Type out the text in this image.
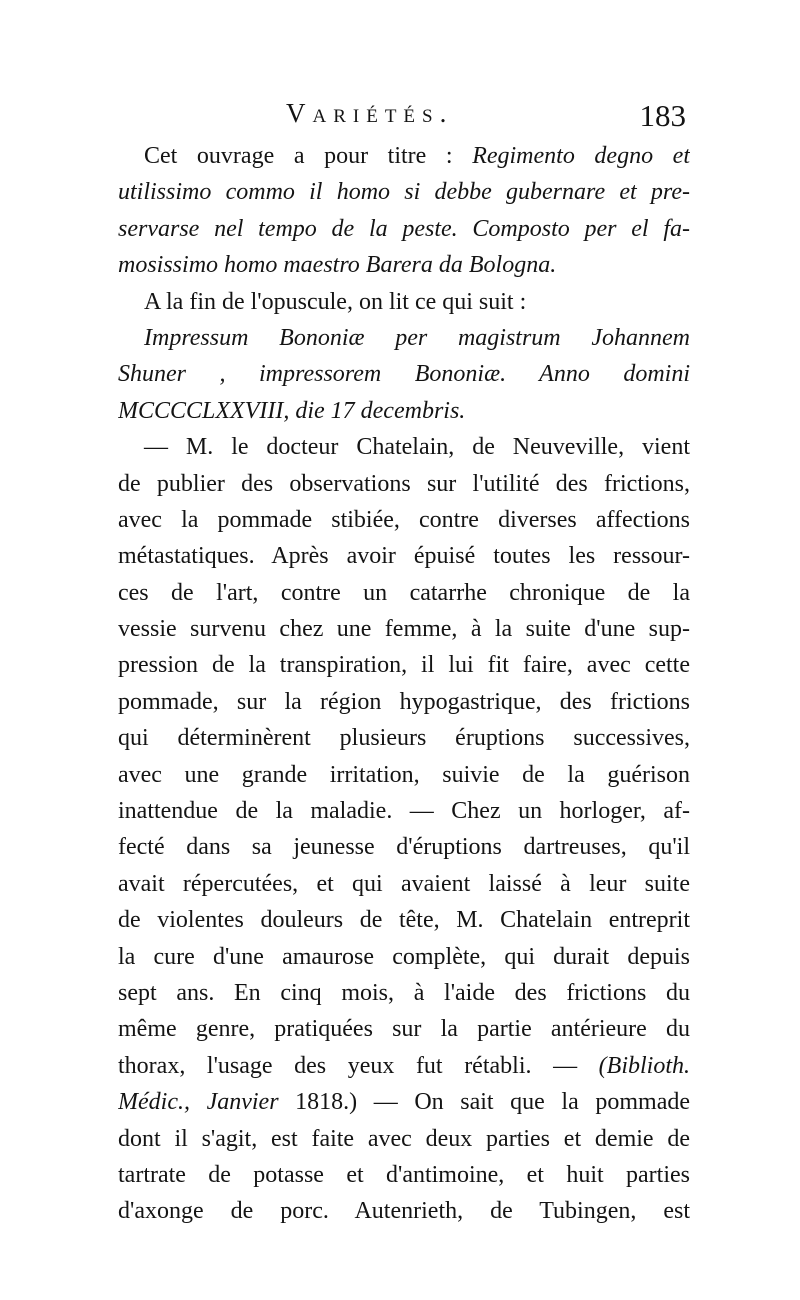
Variétés.	183
Cet ouvrage a pour titre : Regimento degno et
utilissimo commo il homo si debbe gubernare et pre-
servarse nel tempo de la peste. Composto per el fa-
mosissimo homo maestro Barera da Bologna.
A la fin de l'opuscule, on lit ce qui suit :
Impressum Bononiæ per magistrum Johannem
Shuner , impressorem Bononiæ. Anno domini
MCCCCLXXVIII, die 17 decembris.
— M. le docteur Chatelain, de Neuveville, vient
de publier des observations sur l'utilité des frictions,
avec la pommade stibiée, contre diverses affections
métastatiques. Après avoir épuisé toutes les ressour-
ces de l'art, contre un catarrhe chronique de la
vessie survenu chez une femme, à la suite d'une sup-
pression de la transpiration, il lui fit faire, avec cette
pommade, sur la région hypogastrique, des frictions
qui déterminèrent plusieurs éruptions successives,
avec une grande irritation, suivie de la guérison
inattendue de la maladie. — Chez un horloger, af-
fecté dans sa jeunesse d'éruptions dartreuses, qu'il
avait répercutées, et qui avaient laissé à leur suite
de violentes douleurs de tête, M. Chatelain entreprit
la cure d'une amaurose complète, qui durait depuis
sept ans. En cinq mois, à l'aide des frictions du
même genre, pratiquées sur la partie antérieure du
thorax, l'usage des yeux fut rétabli. — (Biblioth.
Médic., Janvier 1818.) — On sait que la pommade
dont il s'agit, est faite avec deux parties et demie de
tartrate de potasse et d'antimoine, et huit parties
d'axonge de porc. Autenrieth, de Tubingen, est
